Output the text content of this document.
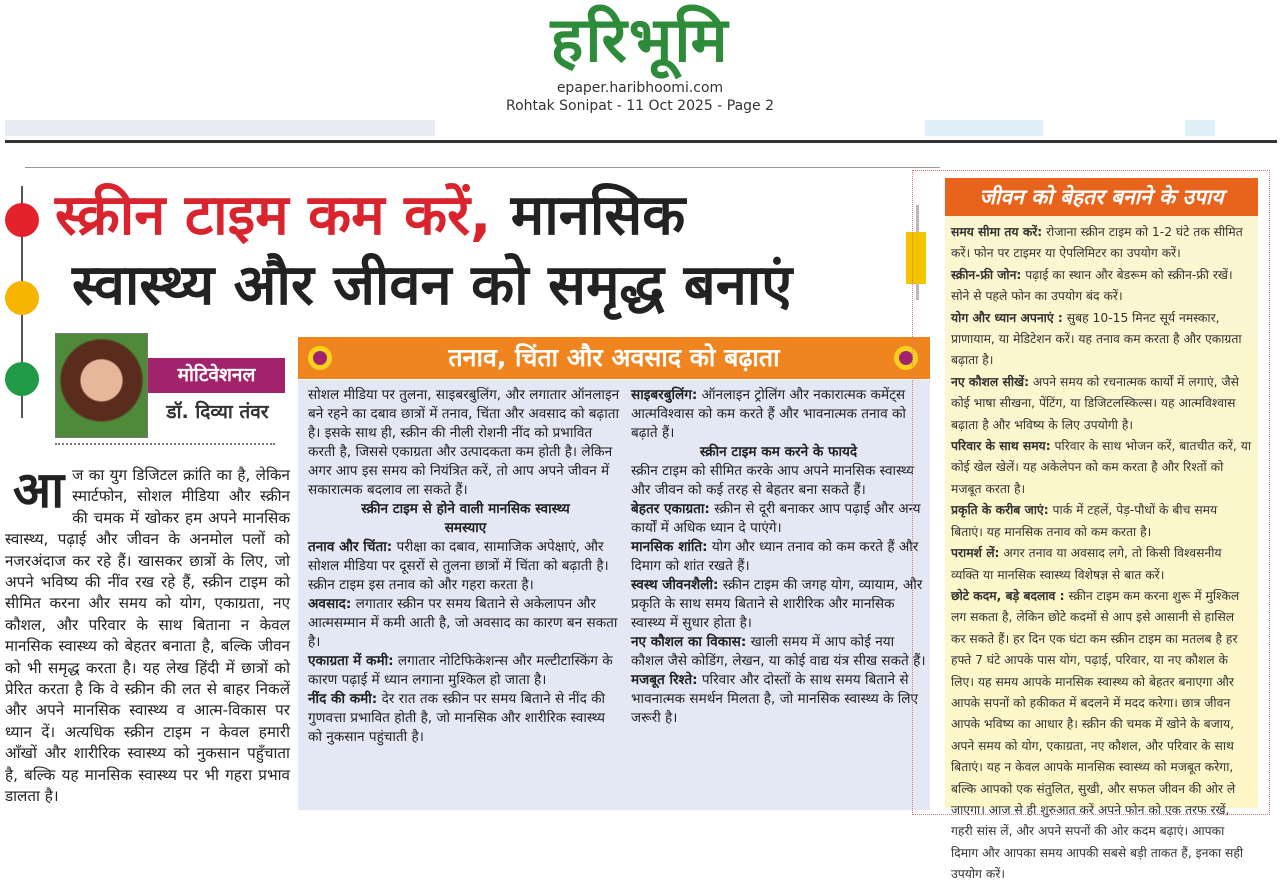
हरिभूमि
epaper.haribhoomi.com
Rohtak Sonipat - 11 Oct 2025 - Page 2
स्क्रीन टाइम कम करें, मानसिक
स्वास्थ्य और जीवन को समृद्ध बनाएं
मोटिवेशनल
डॉ. दिव्या तंवर
आज का युग डिजिटल क्रांति का है, लेकिन स्मार्टफोन, सोशल मीडिया और स्क्रीन की चमक में खोकर हम अपने मानसिक स्वास्थ्य, पढ़ाई और जीवन के अनमोल पलों को नजरअंदाज कर रहे हैं। खासकर छात्रों के लिए, जो अपने भविष्य की नींव रख रहे हैं, स्क्रीन टाइम को सीमित करना और समय को योग, एकाग्रता, नए कौशल, और परिवार के साथ बिताना न केवल मानसिक स्वास्थ्य को बेहतर बनाता है, बल्कि जीवन को भी समृद्ध करता है। यह लेख हिंदी में छात्रों को प्रेरित करता है कि वे स्क्रीन की लत से बाहर निकलें और अपने मानसिक स्वास्थ्य व आत्म-विकास पर ध्यान दें। अत्यधिक स्क्रीन टाइम न केवल हमारी आँखों और शारीरिक स्वास्थ्य को नुकसान पहुँचाता है, बल्कि यह मानसिक स्वास्थ्य पर भी गहरा प्रभाव डालता है।
तनाव, चिंता और अवसाद को बढ़ाता

सोशल मीडिया पर तुलना, साइबरबुलिंग, और लगातार ऑनलाइन बने रहने का दबाव छात्रों में तनाव, चिंता और अवसाद को बढ़ाता है। इसके साथ ही, स्क्रीन की नीली रोशनी नींद को प्रभावित करती है, जिससे एकाग्रता और उत्पादकता कम होती है। लेकिन अगर आप इस समय को नियंत्रित करें, तो आप अपने जीवन में सकारात्मक बदलाव ला सकते हैं।

स्क्रीन टाइम से होने वाली मानसिक स्वास्थ्य समस्याए

तनाव और चिंता: परीक्षा का दबाव, सामाजिक अपेक्षाएं, और सोशल मीडिया पर दूसरों से तुलना छात्रों में चिंता को बढ़ाती है। स्क्रीन टाइम इस तनाव को और गहरा करता है।

अवसाद: लगातार स्क्रीन पर समय बिताने से अकेलापन और आत्मसम्मान में कमी आती है, जो अवसाद का कारण बन सकता है।

एकाग्रता में कमी: लगातार नोटिफिकेशन्स और मल्टीटास्किंग के कारण पढ़ाई में ध्यान लगाना मुश्किल हो जाता है।

नींद की कमी: देर रात तक स्क्रीन पर समय बिताने से नींद की गुणवत्ता प्रभावित होती है, जो मानसिक और शारीरिक स्वास्थ्य को नुकसान पहुंचाती है।

साइबरबुलिंग: ऑनलाइन ट्रोलिंग और नकारात्मक कमेंट्स आत्मविश्वास को कम करते हैं और भावनात्मक तनाव को बढ़ाते हैं।

स्क्रीन टाइम कम करने के फायदे

स्क्रीन टाइम को सीमित करके आप अपने मानसिक स्वास्थ्य और जीवन को कई तरह से बेहतर बना सकते हैं।

बेहतर एकाग्रता: स्क्रीन से दूरी बनाकर आप पढ़ाई और अन्य कार्यों में अधिक ध्यान दे पाएंगे।

मानसिक शांति: योग और ध्यान तनाव को कम करते हैं और दिमाग को शांत रखते हैं।

स्वस्थ जीवनशैली: स्क्रीन टाइम की जगह योग, व्यायाम, और प्रकृति के साथ समय बिताने से शारीरिक और मानसिक स्वास्थ्य में सुधार होता है।

नए कौशल का विकास: खाली समय में आप कोई नया कौशल जैसे कोडिंग, लेखन, या कोई वाद्य यंत्र सीख सकते हैं।

मजबूत रिश्ते: परिवार और दोस्तों के साथ समय बिताने से भावनात्मक समर्थन मिलता है, जो मानसिक स्वास्थ्य के लिए जरूरी है।

जीवन को बेहतर बनाने के उपाय

समय सीमा तय करें: रोजाना स्क्रीन टाइम को 1-2 घंटे तक सीमित करें। फोन पर टाइमर या ऐपलिमिटर का उपयोग करें।

स्क्रीन-फ्री जोन: पढ़ाई का स्थान और बेडरूम को स्क्रीन-फ्री रखें। सोने से पहले फोन का उपयोग बंद करें।

योग और ध्यान अपनाएं : सुबह 10-15 मिनट सूर्य नमस्कार, प्राणायाम, या मेडिटेशन करें। यह तनाव कम करता है और एकाग्रता बढ़ाता है।

नए कौशल सीखें: अपने समय को रचनात्मक कार्यों में लगाएं, जैसे कोई भाषा सीखना, पेंटिंग, या डिजिटलस्किल्स। यह आत्मविश्वास बढ़ाता है और भविष्य के लिए उपयोगी है।

परिवार के साथ समय: परिवार के साथ भोजन करें, बातचीत करें, या कोई खेल खेलें। यह अकेलेपन को कम करता है और रिश्तों को मजबूत करता है।

प्रकृति के करीब जाएं: पार्क में टहलें, पेड़-पौधों के बीच समय बिताएं। यह मानसिक तनाव को कम करता है।

परामर्श लें: अगर तनाव या अवसाद लगे, तो किसी विश्वसनीय व्यक्ति या मानसिक स्वास्थ्य विशेषज्ञ से बात करें।

छोटे कदम, बड़े बदलाव : स्क्रीन टाइम कम करना शुरू में मुश्किल लग सकता है, लेकिन छोटे कदमों से आप इसे आसानी से हासिल कर सकते हैं। हर दिन एक घंटा कम स्क्रीन टाइम का मतलब है हर हफ्ते 7 घंटे आपके पास योग, पढ़ाई, परिवार, या नए कौशल के लिए। यह समय आपके मानसिक स्वास्थ्य को बेहतर बनाएगा और आपके सपनों को हकीकत में बदलने में मदद करेगा। छात्र जीवन आपके भविष्य का आधार है। स्क्रीन की चमक में खोने के बजाय, अपने समय को योग, एकाग्रता, नए कौशल, और परिवार के साथ बिताएं। यह न केवल आपके मानसिक स्वास्थ्य को मजबूत करेगा, बल्कि आपको एक संतुलित, सुखी, और सफल जीवन की ओर ले जाएगा। आज से ही शुरुआत करें अपने फोन को एक तरफ रखें, गहरी सांस लें, और अपने सपनों की ओर कदम बढ़ाएं। आपका दिमाग और आपका समय आपकी सबसे बड़ी ताकत हैं, इनका सही उपयोग करें।
